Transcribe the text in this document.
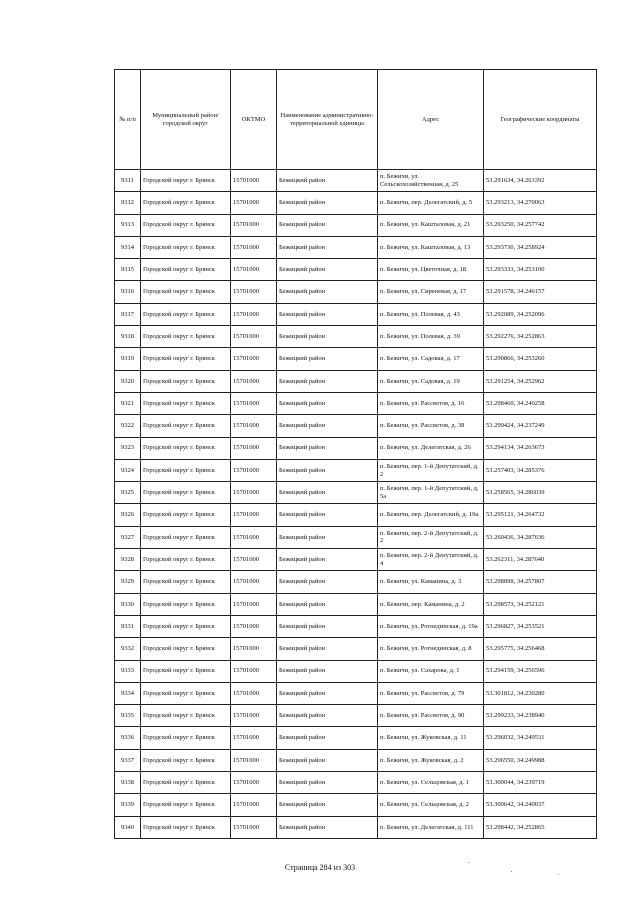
№ п/п	Муниципальный район/городской округ	ОКТМО	Наименование административно-территориальной единицы	Адрес	Географические координаты
9311	Городской округ г. Брянск	15701000	Бежицкий район	п. Бежичи, ул. Сельскохозяйственная, д. 25	53.291634, 34.263392
9312	Городской округ г. Брянск	15701000	Бежицкий район	п. Бежичи, пер. Делегатский, д. 5	53.293213, 34.270063
9313	Городской округ г. Брянск	15701000	Бежицкий район	п. Бежичи, ул. Кашталовая, д. 21	53.293250, 34.257742
9314	Городской округ г. Брянск	15701000	Бежицкий район	п. Бежичи, ул. Кашталовая, д. 13	53.293730, 34.258924
9315	Городской округ г. Брянск	15701000	Бежицкий район	п. Бежичи, ул. Цветочная, д. 18	53.293333, 34.253100
9316	Городской округ г. Брянск	15701000	Бежицкий район	п. Бежичи, ул. Сиреневая, д. 17	53.291578, 34.246157
9317	Городской округ г. Брянск	15701000	Бежицкий район	п. Бежичи, ул. Полевая, д. 43	53.292089, 34.252096
9318	Городской округ г. Брянск	15701000	Бежицкий район	п. Бежичи, ул. Полевая, д. 39	53.292276, 34.252863
9319	Городской округ г. Брянск	15701000	Бежицкий район	п. Бежичи, ул. Садовая, д. 17	53.290866, 34.253260
9320	Городской округ г. Брянск	15701000	Бежицкий район	п. Бежичи, ул. Садовая, д. 19	53.291254, 34.252962
9321	Городской округ г. Брянск	15701000	Бежицкий район	п. Бежичи, ул. Рассветов, д. 16	53.298460, 34.240258
9322	Городской округ г. Брянск	15701000	Бежицкий район	п. Бежичи, ул. Рассветов, д. 38	53.299424, 34.237249
9323	Городской округ г. Брянск	15701000	Бежицкий район	п. Бежичи, ул. Делегатская, д. 26	53.294134, 34.263673
9324	Городской округ г. Брянск	15701000	Бежицкий район	п. Бежичи, пер. 1-й Депутатский, д. 2	53.257403, 34.285376
9325	Городской округ г. Брянск	15701000	Бежицкий район	п. Бежичи, пер. 1-й Депутатский, д. 5а	53.258565, 34.286039
9326	Городской округ г. Брянск	15701000	Бежицкий район	п. Бежичи, пер. Делегатский, д. 19а	53.295121, 34.264732
9327	Городской округ г. Брянск	15701000	Бежицкий район	п. Бежичи, пер. 2-й Депутатский, д. 2	53.260436, 34.287636
9328	Городской округ г. Брянск	15701000	Бежицкий район	п. Бежичи, пер. 2-й Депутатский, д. 4	53.262311, 34.287640
9329	Городской округ г. Брянск	15701000	Бежицкий район	п. Бежичи, ул. Каманина, д. 3	53.298898, 34.257807
9330	Городской округ г. Брянск	15701000	Бежицкий район	п. Бежичи, пер. Каманина, д. 2	53.298573, 34.252121
9331	Городской округ г. Брянск	15701000	Бежицкий район	п. Бежичи, ул. Рогнединская, д. 19а	53.296827, 34.253521
9332	Городской округ г. Брянск	15701000	Бежицкий район	п. Бежичи, ул. Рогнединская, д. 8	53.295775, 34.256468
9333	Городской округ г. Брянск	15701000	Бежицкий район	п. Бежичи, ул. Сахарова, д. 1	53.294159, 34.256596
9334	Городской округ г. Брянск	15701000	Бежицкий район	п. Бежичи, ул. Рассветов, д. 79	53.301812, 34.230280
9335	Городской округ г. Брянск	15701000	Бежицкий район	п. Бежичи, ул. Рассветов, д. 90	53.299233, 34.238940
9336	Городской округ г. Брянск	15701000	Бежицкий район	п. Бежичи, ул. Жуковская, д. 11	53.296032, 34.249531
9337	Городской округ г. Брянск	15701000	Бежицкий район	п. Бежичи, ул. Жуковская, д. 2	53.296550, 34.249988
9338	Городской округ г. Брянск	15701000	Бежицкий район	п. Бежичи, ул. Сельцовская, д. 1	53.300044, 34.239719
9339	Городской округ г. Брянск	15701000	Бежицкий район	п. Бежичи, ул. Сельцовская, д. 2	53.300642, 34.240037
9340	Городской округ г. Брянск	15701000	Бежицкий район	п. Бежичи, ул. Делегатская, д. 111	53.298442, 34.252865
Страница 284 из 303
